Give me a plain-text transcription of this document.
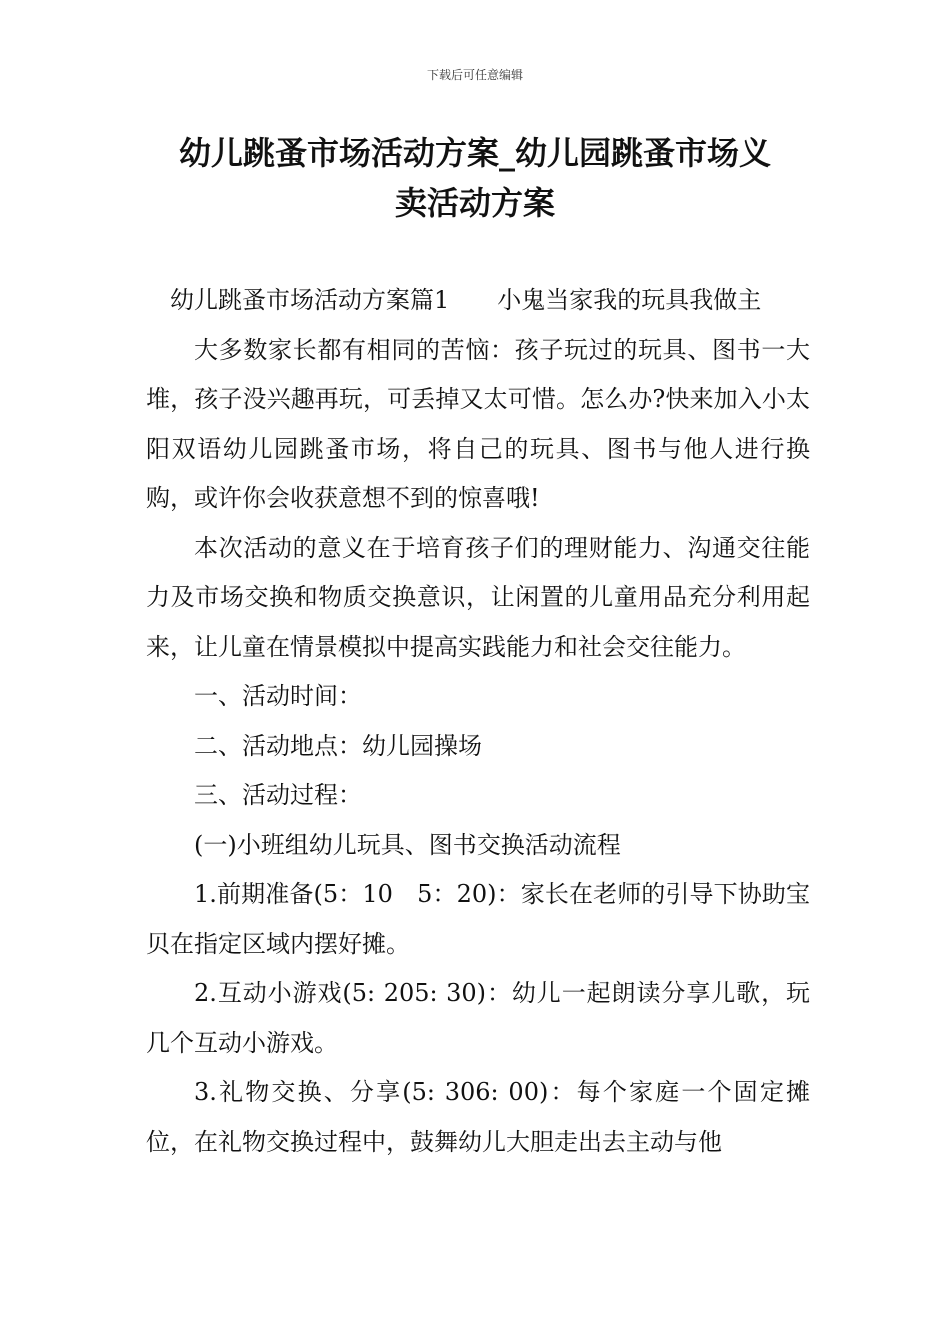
下载后可任意编辑
幼儿跳蚤市场活动方案_幼儿园跳蚤市场义
卖活动方案

幼儿跳蚤市场活动方案篇1　　小鬼当家我的玩具我做主

大多数家长都有相同的苦恼：孩子玩过的玩具、图书一大堆，孩子没兴趣再玩，可丢掉又太可惜。怎么办?快来加入小太阳双语幼儿园跳蚤市场，将自己的玩具、图书与他人进行换购，或许你会收获意想不到的惊喜哦!

本次活动的意义在于培育孩子们的理财能力、沟通交往能力及市场交换和物质交换意识，让闲置的儿童用品充分利用起来，让儿童在情景模拟中提高实践能力和社会交往能力。

一、活动时间：

二、活动地点：幼儿园操场

三、活动过程：

(一)小班组幼儿玩具、图书交换活动流程

1.前期准备(5：10　5：20)：家长在老师的引导下协助宝贝在指定区域内摆好摊。

2.互动小游戏(5: 205: 30)：幼儿一起朗读分享儿歌，玩几个互动小游戏。

3.礼物交换、分享(5: 306: 00)：每个家庭一个固定摊位，在礼物交换过程中，鼓舞幼儿大胆走出去主动与他
